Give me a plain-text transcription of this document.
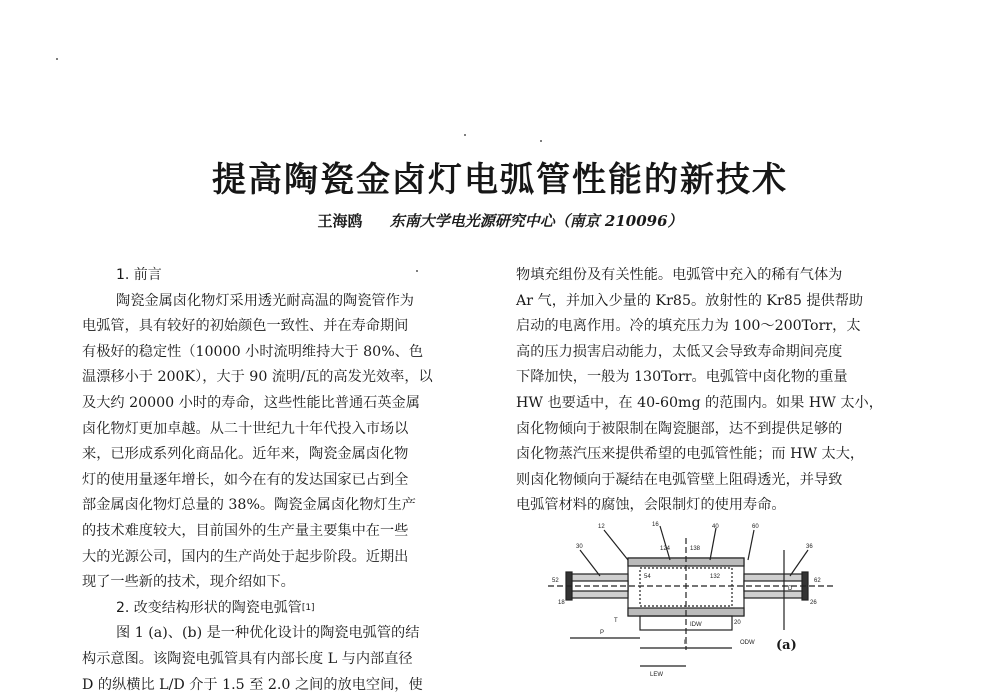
提高陶瓷金卤灯电弧管性能的新技术
王海鸥 东南大学电光源研究中心（南京 210096）
1. 前言
陶瓷金属卤化物灯采用透光耐高温的陶瓷管作为
电弧管，具有较好的初始颜色一致性、并在寿命期间
有极好的稳定性（10000 小时流明维持大于 80%、色
温漂移小于 200K），大于 90 流明/瓦的高发光效率，以
及大约 20000 小时的寿命，这些性能比普通石英金属
卤化物灯更加卓越。从二十世纪九十年代投入市场以
来，已形成系列化商品化。近年来，陶瓷金属卤化物
灯的使用量逐年增长，如今在有的发达国家已占到全
部金属卤化物灯总量的 38%。陶瓷金属卤化物灯生产
的技术难度较大，目前国外的生产量主要集中在一些
大的光源公司，国内的生产尚处于起步阶段。近期出
现了一些新的技术，现介绍如下。
2. 改变结构形状的陶瓷电弧管[1]
图 1 (a)、(b) 是一种优化设计的陶瓷电弧管的结
构示意图。该陶瓷电弧管具有内部长度 L 与内部直径
D 的纵横比 L/D 介于 1.5 至 2.0 之间的放电空间，使
物填充组份及有关性能。电弧管中充入的稀有气体为
Ar 气，并加入少量的 Kr85。放射性的 Kr85 提供帮助
启动的电离作用。冷的填充压力为 100～200Torr，太
高的压力损害启动能力，太低又会导致寿命期间亮度
下降加快，一般为 130Torr。电弧管中卤化物的重量
HW 也要适中，在 40-60mg 的范围内。如果 HW 太小，
卤化物倾向于被限制在陶瓷腿部，达不到提供足够的
卤化物蒸汽压来提供希望的电弧管性能；而 HW 太大，
则卤化物倾向于凝结在电弧管壁上阻碍透光，并导致
电弧管材料的腐蚀，会限制灯的使用寿命。
12	16	40	60
30	36
52
54
124	138
132
62
18	26
20
L
D
P
IDW
ODW
T
LEW
(a)
